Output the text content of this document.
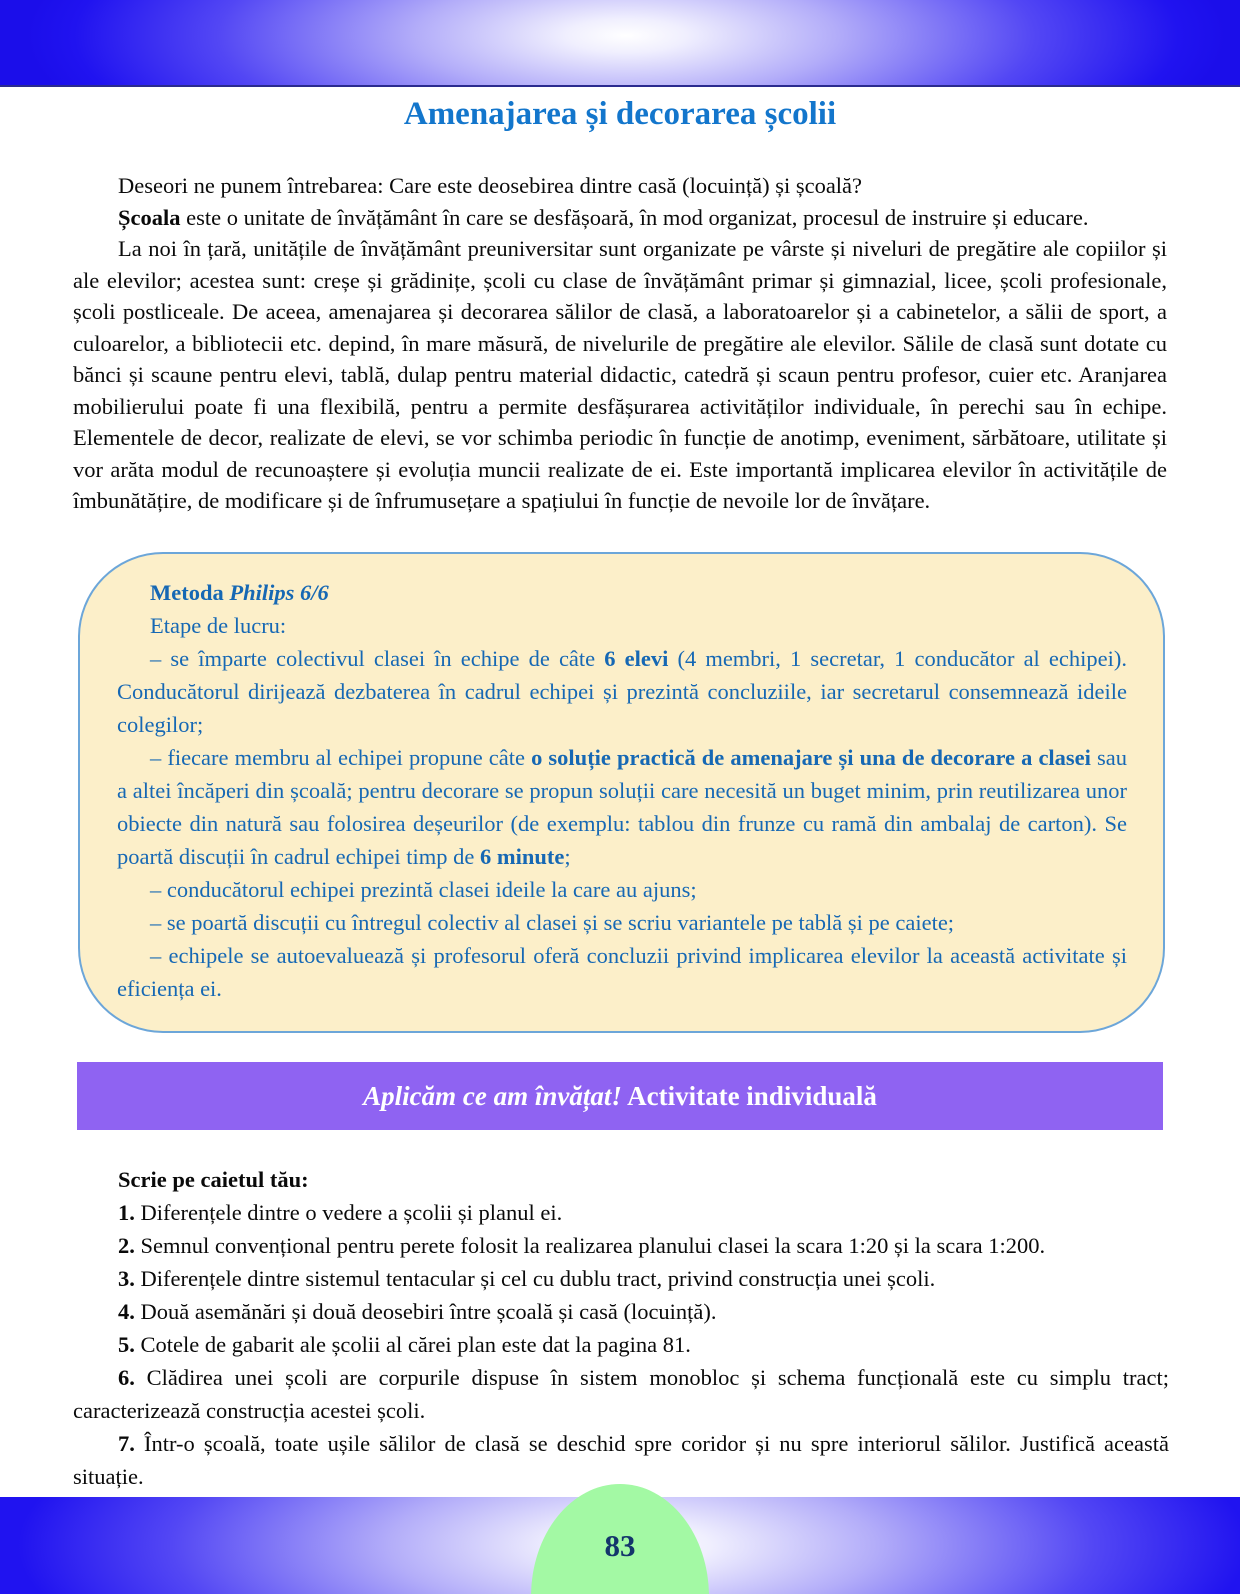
Amenajarea și decorarea școlii

Deseori ne punem întrebarea: Care este deosebirea dintre casă (locuință) și școală?

Școala este o unitate de învățământ în care se desfășoară, în mod organizat, procesul de instruire și educare.

La noi în țară, unitățile de învățământ preuniversitar sunt organizate pe vârste și niveluri de pregătire ale copiilor și ale elevilor; acestea sunt: creșe și grădinițe, școli cu clase de învățământ primar și gimnazial, licee, școli profesionale, școli postliceale. De aceea, amenajarea și decorarea sălilor de clasă, a laboratoarelor și a cabinetelor, a sălii de sport, a culoarelor, a bibliotecii etc. depind, în mare măsură, de nivelurile de pregătire ale elevilor. Sălile de clasă sunt dotate cu bănci și scaune pentru elevi, tablă, dulap pentru material didactic, catedră și scaun pentru profesor, cuier etc. Aranjarea mobilierului poate fi una flexibilă, pentru a permite desfășurarea activităților individuale, în perechi sau în echipe. Elementele de decor, realizate de elevi, se vor schimba periodic în funcție de anotimp, eveniment, sărbătoare, utilitate și vor arăta modul de recunoaștere și evoluția muncii realizate de ei. Este importantă implicarea elevilor în activitățile de îmbunătățire, de modificare și de înfrumusețare a spațiului în funcție de nevoile lor de învățare.

Metoda Philips 6/6

Etape de lucru:

– se împarte colectivul clasei în echipe de câte 6 elevi (4 membri, 1 secretar, 1 conducător al echipei). Conducătorul dirijează dezbaterea în cadrul echipei și prezintă concluziile, iar secretarul consemnează ideile colegilor;

– fiecare membru al echipei propune câte o soluție practică de amenajare și una de decorare a clasei sau a altei încăperi din școală; pentru decorare se propun soluții care necesită un buget minim, prin reutilizarea unor obiecte din natură sau folosirea deșeurilor (de exemplu: tablou din frunze cu ramă din ambalaj de carton). Se poartă discuții în cadrul echipei timp de 6 minute;

– conducătorul echipei prezintă clasei ideile la care au ajuns;

– se poartă discuții cu întregul colectiv al clasei și se scriu variantele pe tablă și pe caiete;

– echipele se autoevaluează și profesorul oferă concluzii privind implicarea elevilor la această activitate și eficiența ei.

Aplicăm ce am învățat! Activitate individuală

Scrie pe caietul tău:

1. Diferențele dintre o vedere a școlii și planul ei.

2. Semnul convențional pentru perete folosit la realizarea planului clasei la scara 1:20 și la scara 1:200.

3. Diferențele dintre sistemul tentacular și cel cu dublu tract, privind construcția unei școli.

4. Două asemănări și două deosebiri între școală și casă (locuință).

5. Cotele de gabarit ale școlii al cărei plan este dat la pagina 81.

6. Clădirea unei școli are corpurile dispuse în sistem monobloc și schema funcțională este cu simplu tract; caracterizează construcția acestei școli.

7. Într-o școală, toate ușile sălilor de clasă se deschid spre coridor și nu spre interiorul sălilor. Justifică această situație.

83
